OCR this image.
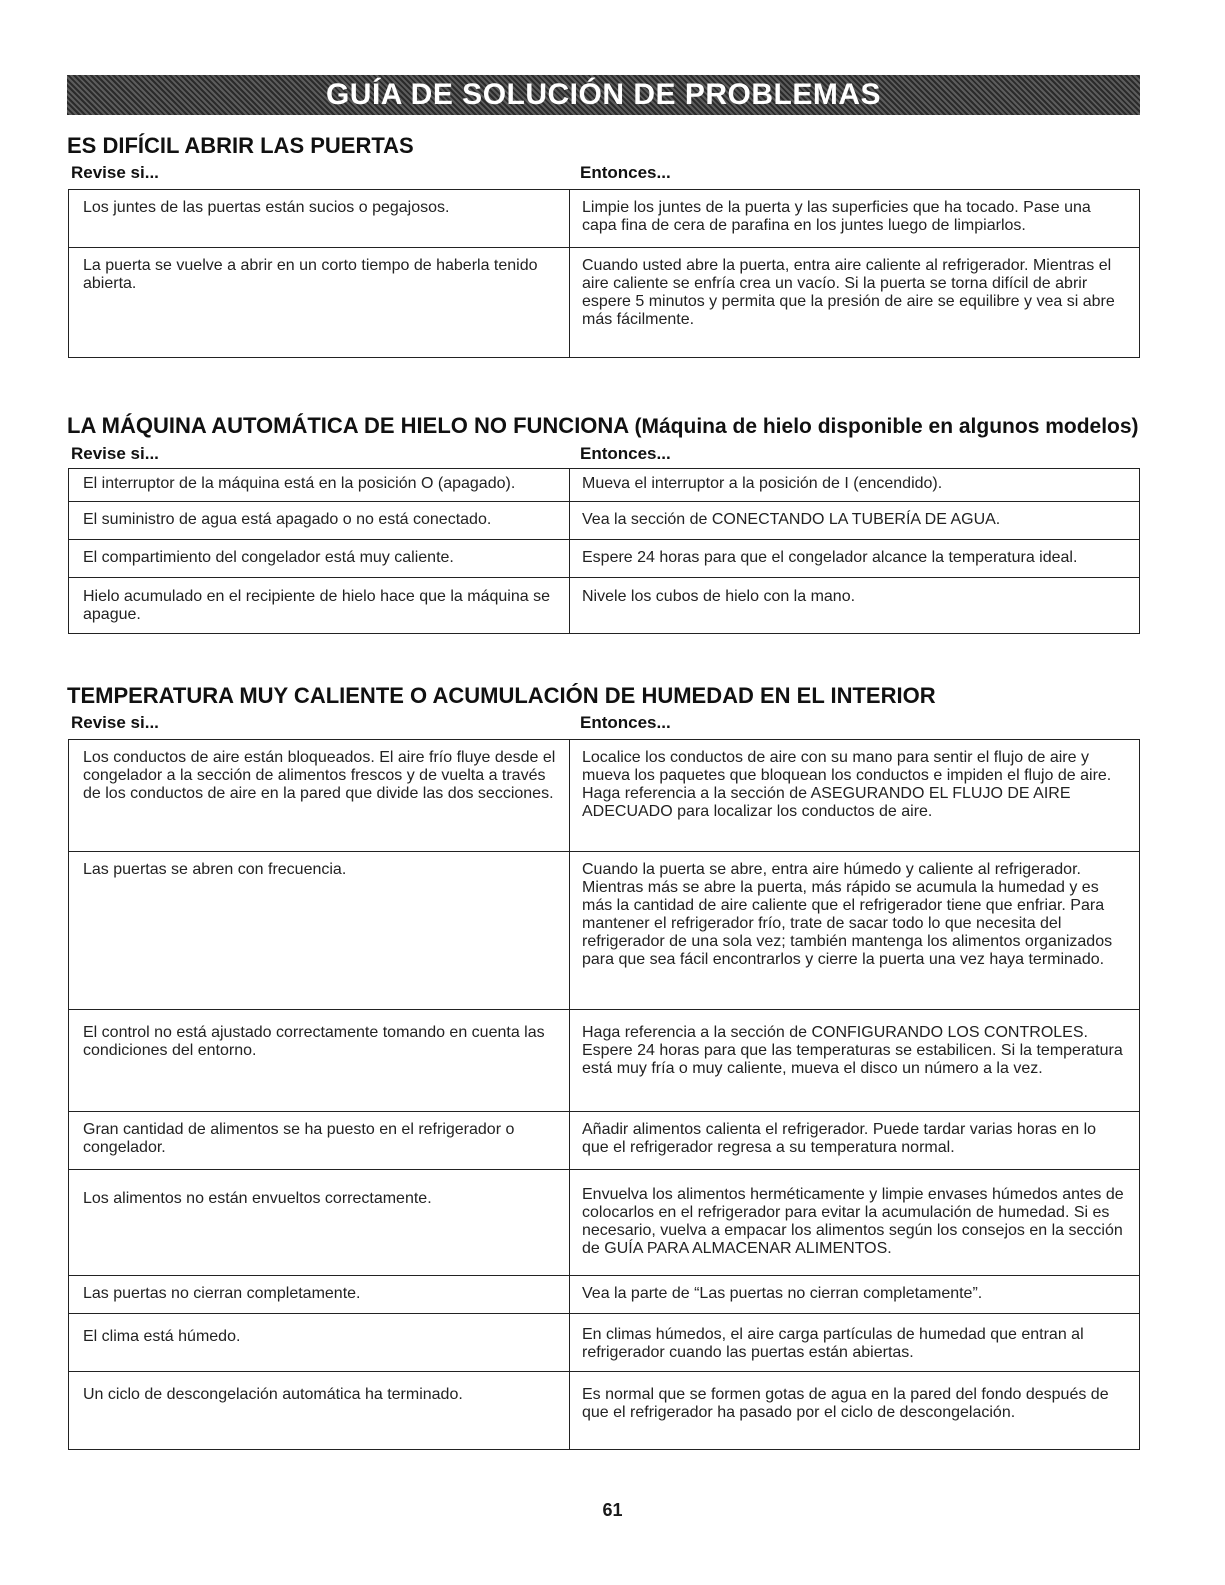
GUÍA DE SOLUCIÓN DE PROBLEMAS
ES DIFÍCIL ABRIR LAS PUERTAS
Revise si...	Entonces...
Los juntes de las puertas están sucios o pegajosos.	Limpie los juntes de la puerta y las superficies que ha tocado. Pase una capa fina de cera de parafina en los juntes luego de limpiarlos.
La puerta se vuelve a abrir en un corto tiempo de haberla tenido abierta.	Cuando usted abre la puerta, entra aire caliente al refrigerador. Mientras el aire caliente se enfría crea un vacío. Si la puerta se torna difícil de abrir espere 5 minutos y permita que la presión de aire se equilibre y vea si abre más fácilmente.
LA MÁQUINA AUTOMÁTICA DE HIELO NO FUNCIONA (Máquina de hielo disponible en algunos modelos)
Revise si...	Entonces...
El interruptor de la máquina está en la posición O (apagado).	Mueva el interruptor a la posición de I (encendido).
El suministro de agua está apagado o no está conectado.	Vea la sección de CONECTANDO LA TUBERÍA DE AGUA.
El compartimiento del congelador está muy caliente.	Espere 24 horas para que el congelador alcance la temperatura ideal.
Hielo acumulado en el recipiente de hielo hace que la máquina se apague.	Nivele los cubos de hielo con la mano.
TEMPERATURA MUY CALIENTE O ACUMULACIÓN DE HUMEDAD EN EL INTERIOR
Revise si...	Entonces...
Los conductos de aire están bloqueados. El aire frío fluye desde el congelador a la sección de alimentos frescos y de vuelta a través de los conductos de aire en la pared que divide las dos secciones.	Localice los conductos de aire con su mano para sentir el flujo de aire y mueva los paquetes que bloquean los conductos e impiden el flujo de aire. Haga referencia a la sección de ASEGURANDO EL FLUJO DE AIRE ADECUADO para localizar los conductos de aire.
Las puertas se abren con frecuencia.	Cuando la puerta se abre, entra aire húmedo y caliente al refrigerador. Mientras más se abre la puerta, más rápido se acumula la humedad y es más la cantidad de aire caliente que el refrigerador tiene que enfriar. Para mantener el refrigerador frío, trate de sacar todo lo que necesita del refrigerador de una sola vez; también mantenga los alimentos organizados para que sea fácil encontrarlos y cierre la puerta una vez haya terminado.
El control no está ajustado correctamente tomando en cuenta las condiciones del entorno.	Haga referencia a la sección de CONFIGURANDO LOS CONTROLES. Espere 24 horas para que las temperaturas se estabilicen. Si la temperatura está muy fría o muy caliente, mueva el disco un número a la vez.
Gran cantidad de alimentos se ha puesto en el refrigerador o congelador.	Añadir alimentos calienta el refrigerador. Puede tardar varias horas en lo que el refrigerador regresa a su temperatura normal.
Los alimentos no están envueltos correctamente.	Envuelva los alimentos herméticamente y limpie envases húmedos antes de colocarlos en el refrigerador para evitar la acumulación de humedad. Si es necesario, vuelva a empacar los alimentos según los consejos en la sección de GUÍA PARA ALMACENAR ALIMENTOS.
Las puertas no cierran completamente.	Vea la parte de “Las puertas no cierran completamente”.
El clima está húmedo.	En climas húmedos, el aire carga partículas de humedad que entran al refrigerador cuando las puertas están abiertas.
Un ciclo de descongelación automática ha terminado.	Es normal que se formen gotas de agua en la pared del fondo después de que el refrigerador ha pasado por el ciclo de descongelación.
61
